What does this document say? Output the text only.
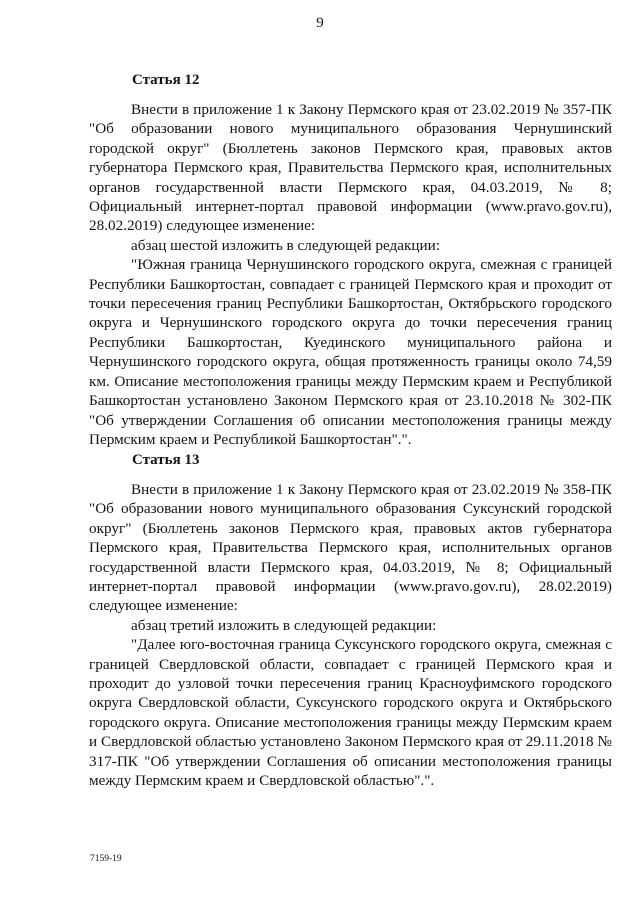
9
Статья 12
Внести в приложение 1 к Закону Пермского края от 23.02.2019 № 357-ПК "Об образовании нового муниципального образования Чернушинский городской округ" (Бюллетень законов Пермского края, правовых актов губернатора Пермского края, Правительства Пермского края, исполнительных органов государственной власти Пермского края, 04.03.2019, № 8; Официальный интернет-портал правовой информации (www.pravo.gov.ru), 28.02.2019) следующее изменение:
абзац шестой изложить в следующей редакции:
"Южная граница Чернушинского городского округа, смежная с границей Республики Башкортостан, совпадает с границей Пермского края и проходит от точки пересечения границ Республики Башкортостан, Октябрьского городского округа и Чернушинского городского округа до точки пересечения границ Республики Башкортостан, Куединского муниципального района и Чернушинского городского округа, общая протяженность границы около 74,59 км. Описание местоположения границы между Пермским краем и Республикой Башкортостан установлено Законом Пермского края от 23.10.2018 № 302-ПК "Об утверждении Соглашения об описании местоположения границы между Пермским краем и Республикой Башкортостан".".
Статья 13
Внести в приложение 1 к Закону Пермского края от 23.02.2019 № 358-ПК "Об образовании нового муниципального образования Суксунский городской округ" (Бюллетень законов Пермского края, правовых актов губернатора Пермского края, Правительства Пермского края, исполнительных органов государственной власти Пермского края, 04.03.2019, № 8; Официальный интернет-портал правовой информации (www.pravo.gov.ru), 28.02.2019) следующее изменение:
абзац третий изложить в следующей редакции:
"Далее юго-восточная граница Суксунского городского округа, смежная с границей Свердловской области, совпадает с границей Пермского края и проходит до узловой точки пересечения границ Красноуфимского городского округа Свердловской области, Суксунского городского округа и Октябрьского городского округа. Описание местоположения границы между Пермским краем и Свердловской областью установлено Законом Пермского края от 29.11.2018 № 317-ПК "Об утверждении Соглашения об описании местоположения границы между Пермским краем и Свердловской областью".".
7159-19
